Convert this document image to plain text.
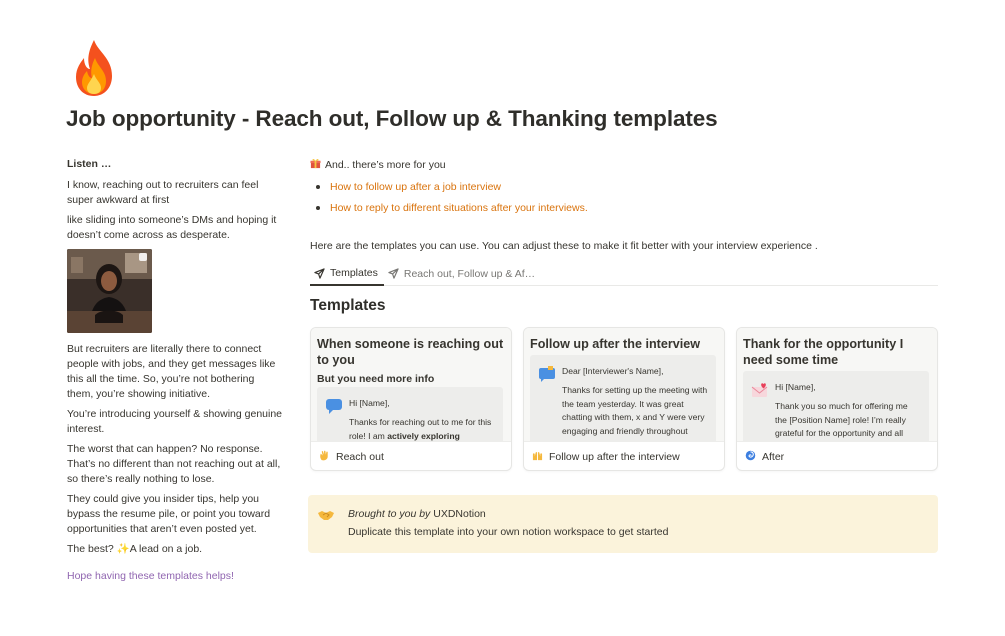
Job opportunity - Reach out, Follow up & Thanking templates

Listen …

I know, reaching out to recruiters can feel super awkward at first

like sliding into someone’s DMs and hoping it doesn’t come across as desperate.

But recruiters are literally there to connect people with jobs, and they get messages like this all the time. So, you’re not bothering them, you’re showing initiative.

You’re introducing yourself & showing genuine interest.

The worst that can happen? No response. That’s no different than not reaching out at all, so there’s really nothing to lose.

They could give you insider tips, help you bypass the resume pile, or point you toward opportunities that aren’t even posted yet.

The best? ✨A lead on a job.

Hope having these templates helps!

And.. there’s more for you
How to follow up after a job interview
How to reply to different situations after your interviews.
Here are the templates you can use. You can adjust these to make it fit better with your interview experience .
Templates Reach out, Follow up & Af…
Templates
When someone is reaching out to you
But you need more info
Hi [Name],
Thanks for reaching out to me for this role! I am actively exploring
Reach out
Follow up after the interview
Dear [Interviewer's Name],
Thanks for setting up the meeting with the team yesterday. It was great chatting with them, x and Y were very engaging and friendly throughout
Follow up after the interview
Thank for the opportunity I need some time
Hi [Name],
Thank you so much for offering me the [Position Name] role! I’m really grateful for the opportunity and all
After
Brought to you by UXDNotion
Duplicate this template into your own notion workspace to get started
